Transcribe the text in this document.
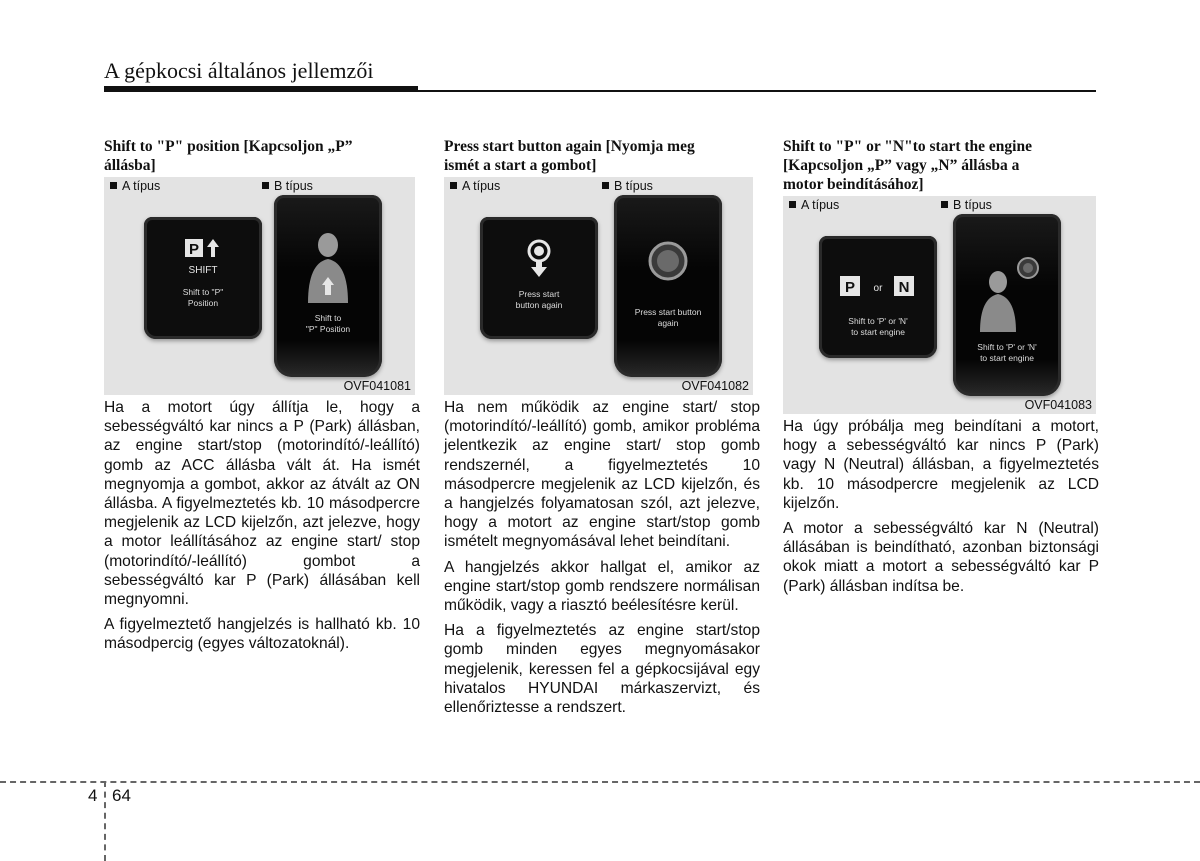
A gépkocsi általános jellemzői
Shift to "P" position [Kapcsoljon „P”
állásba]
A típus	B típus
P
SHIFT
Shift to "P"
Position
Shift to
"P" Position
OVF041081

Ha a motort úgy állítja le, hogy a sebességváltó kar nincs a P (Park) állásban, az engine start/stop (motorindító/-leállító) gomb az ACC állásba vált át. Ha ismét megnyomja a gombot, akkor az átvált az ON állásba. A figyelmeztetés kb. 10 másodpercre megjelenik az LCD kijelzőn, azt jelezve, hogy a motor leállításához az engine start/ stop (motorindító/-leállító) gombot a sebességváltó kar P (Park) állásában kell megnyomni.

A figyelmeztető hangjelzés is hallható kb. 10 másodpercig (egyes változatoknál).

Press start button again [Nyomja meg
ismét a start a gombot]
A típus	B típus
Press start
button again
Press start button
again
OVF041082

Ha nem működik az engine start/ stop (motorindító/-leállító) gomb, amikor probléma jelentkezik az engine start/ stop gomb rendszernél, a figyelmeztetés 10 másodpercre megjelenik az LCD kijelzőn, és a hangjelzés folyamatosan szól, azt jelezve, hogy a motort az engine start/stop gomb ismételt megnyomásával lehet beindítani.

A hangjelzés akkor hallgat el, amikor az engine start/stop gomb rendszere normálisan működik, vagy a riasztó beélesítésre kerül.

Ha a figyelmeztetés az engine start/stop gomb minden egyes megnyomásakor megjelenik, keressen fel a gépkocsijával egy hivatalos HYUNDAI márkaszervizt, és ellenőriztesse a rendszert.

Shift to "P" or "N"to start the engine
[Kapcsoljon „P” vagy „N” állásba a
motor beindításához]
A típus	B típus
P or N
Shift to 'P' or 'N'
to start engine
Shift to 'P' or 'N'
to start engine
OVF041083

Ha úgy próbálja meg beindítani a motort, hogy a sebességváltó kar nincs P (Park) vagy N (Neutral) állásban, a figyelmeztetés kb. 10 másodpercre megjelenik az LCD kijelzőn.

A motor a sebességváltó kar N (Neutral) állásában is beindítható, azonban biztonsági okok miatt a motort a sebességváltó kar P (Park) állásban indítsa be.

4 64
